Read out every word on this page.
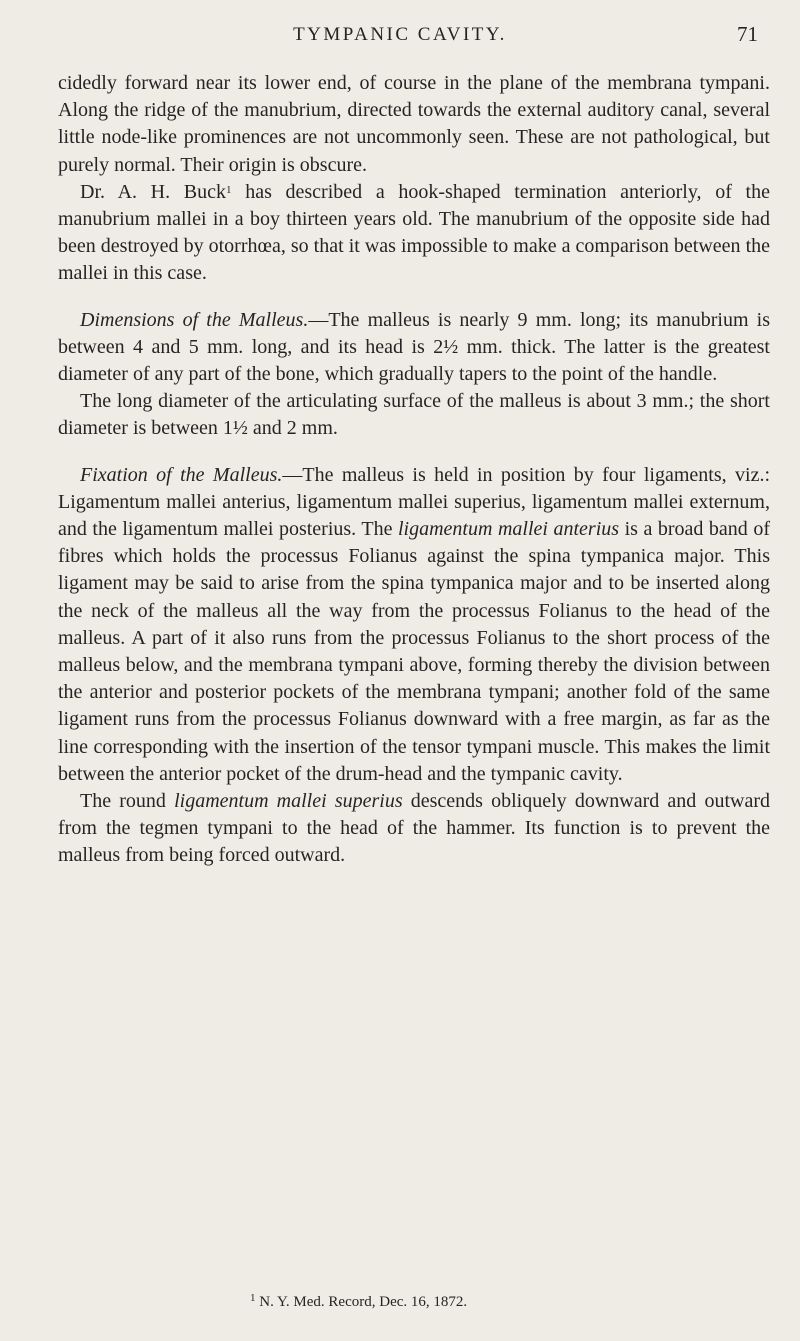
TYMPANIC CAVITY.	71

cidedly forward near its lower end, of course in the plane of the membrana tympani. Along the ridge of the manubrium, directed towards the external auditory canal, several little node-like prominences are not uncommonly seen. These are not pathological, but purely normal. Their origin is obscure.

Dr. A. H. Buck$^1$ has described a hook-shaped termination anteriorly, of the manubrium mallei in a boy thirteen years old. The manubrium of the opposite side had been destroyed by otorrhœa, so that it was impossible to make a comparison between the mallei in this case.

Dimensions of the Malleus.—The malleus is nearly 9 mm. long; its manubrium is between 4 and 5 mm. long, and its head is 2½ mm. thick. The latter is the greatest diameter of any part of the bone, which gradually tapers to the point of the handle.

The long diameter of the articulating surface of the malleus is about 3 mm.; the short diameter is between 1½ and 2 mm.

Fixation of the Malleus.—The malleus is held in position by four ligaments, viz.: Ligamentum mallei anterius, ligamentum mallei superius, ligamentum mallei externum, and the ligamentum mallei posterius. The ligamentum mallei anterius is a broad band of fibres which holds the processus Folianus against the spina tympanica major. This ligament may be said to arise from the spina tympanica major and to be inserted along the neck of the malleus all the way from the processus Folianus to the head of the malleus. A part of it also runs from the processus Folianus to the short process of the malleus below, and the membrana tympani above, forming thereby the division between the anterior and posterior pockets of the membrana tympani; another fold of the same ligament runs from the processus Folianus downward with a free margin, as far as the line corresponding with the insertion of the tensor tympani muscle. This makes the limit between the anterior pocket of the drum-head and the tympanic cavity.

The round ligamentum mallei superius descends obliquely downward and outward from the tegmen tympani to the head of the hammer. Its function is to prevent the malleus from being forced outward.

$^1$ N. Y. Med. Record, Dec. 16, 1872.
